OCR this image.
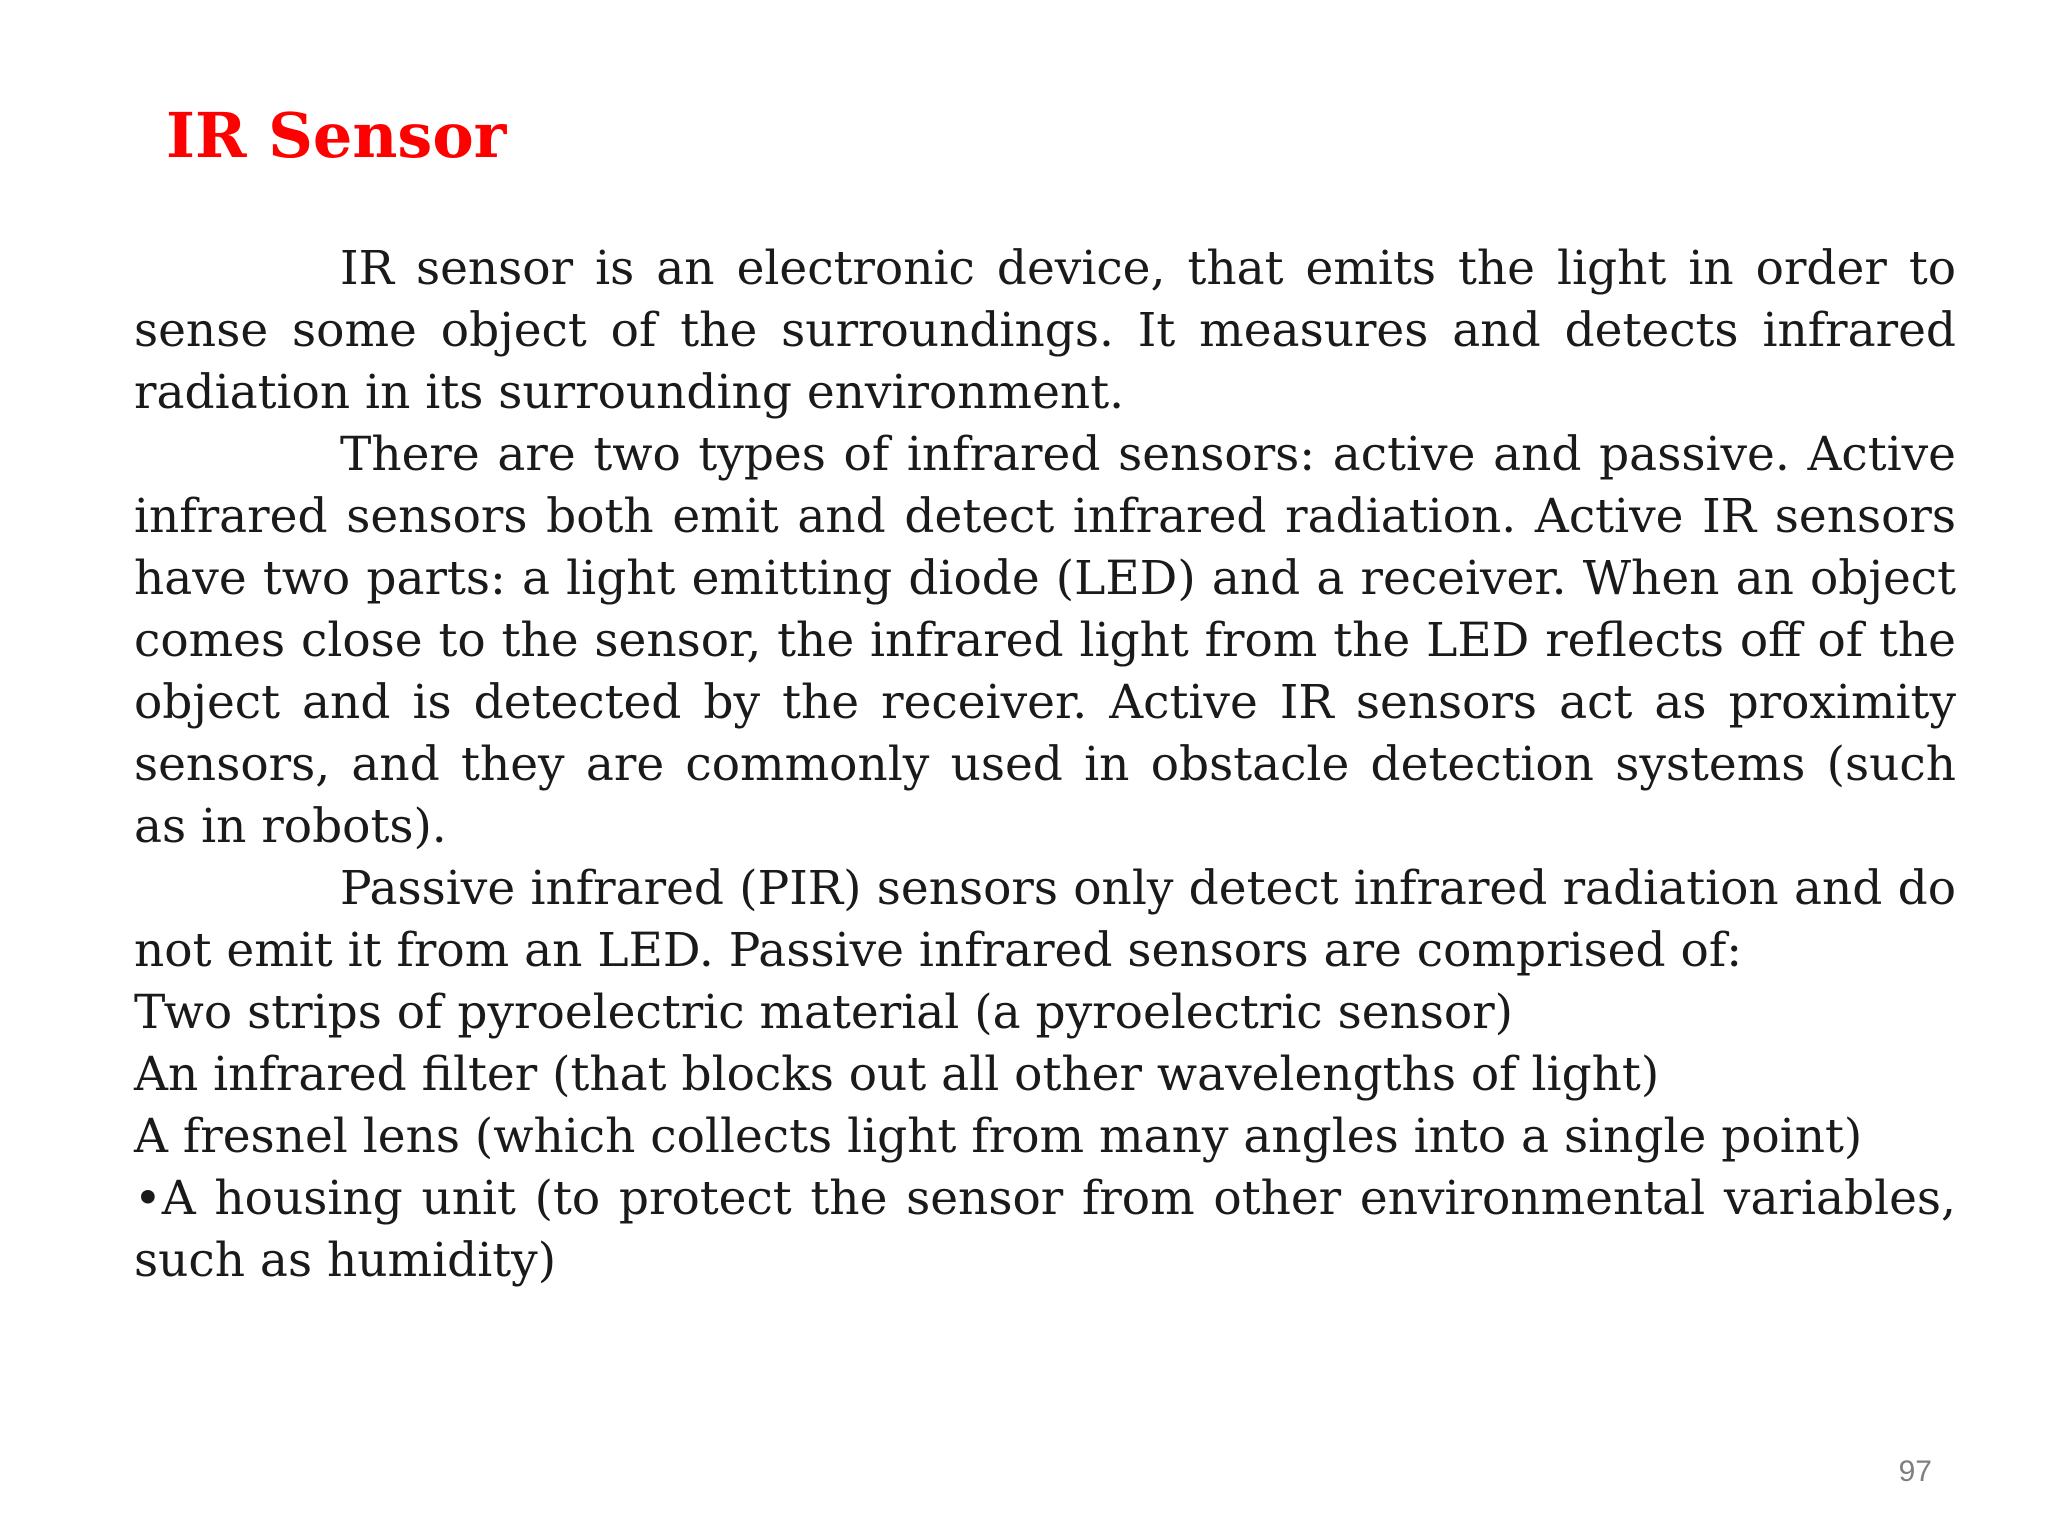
IR Sensor

IR sensor is an electronic device, that emits the light in order to sense some object of the surroundings. It measures and detects infrared radiation in its surrounding environment.

There are two types of infrared sensors: active and passive. Active infrared sensors both emit and detect infrared radiation. Active IR sensors have two parts: a light emitting diode (LED) and a receiver. When an object comes close to the sensor, the infrared light from the LED reflects off of the object and is detected by the receiver. Active IR sensors act as proximity sensors, and they are commonly used in obstacle detection systems (such as in robots).

Passive infrared (PIR) sensors only detect infrared radiation and do not emit it from an LED. Passive infrared sensors are comprised of:

Two strips of pyroelectric material (a pyroelectric sensor)

An infrared filter (that blocks out all other wavelengths of light)

A fresnel lens (which collects light from many angles into a single point)

•A housing unit (to protect the sensor from other environmental variables, such as humidity)

97
